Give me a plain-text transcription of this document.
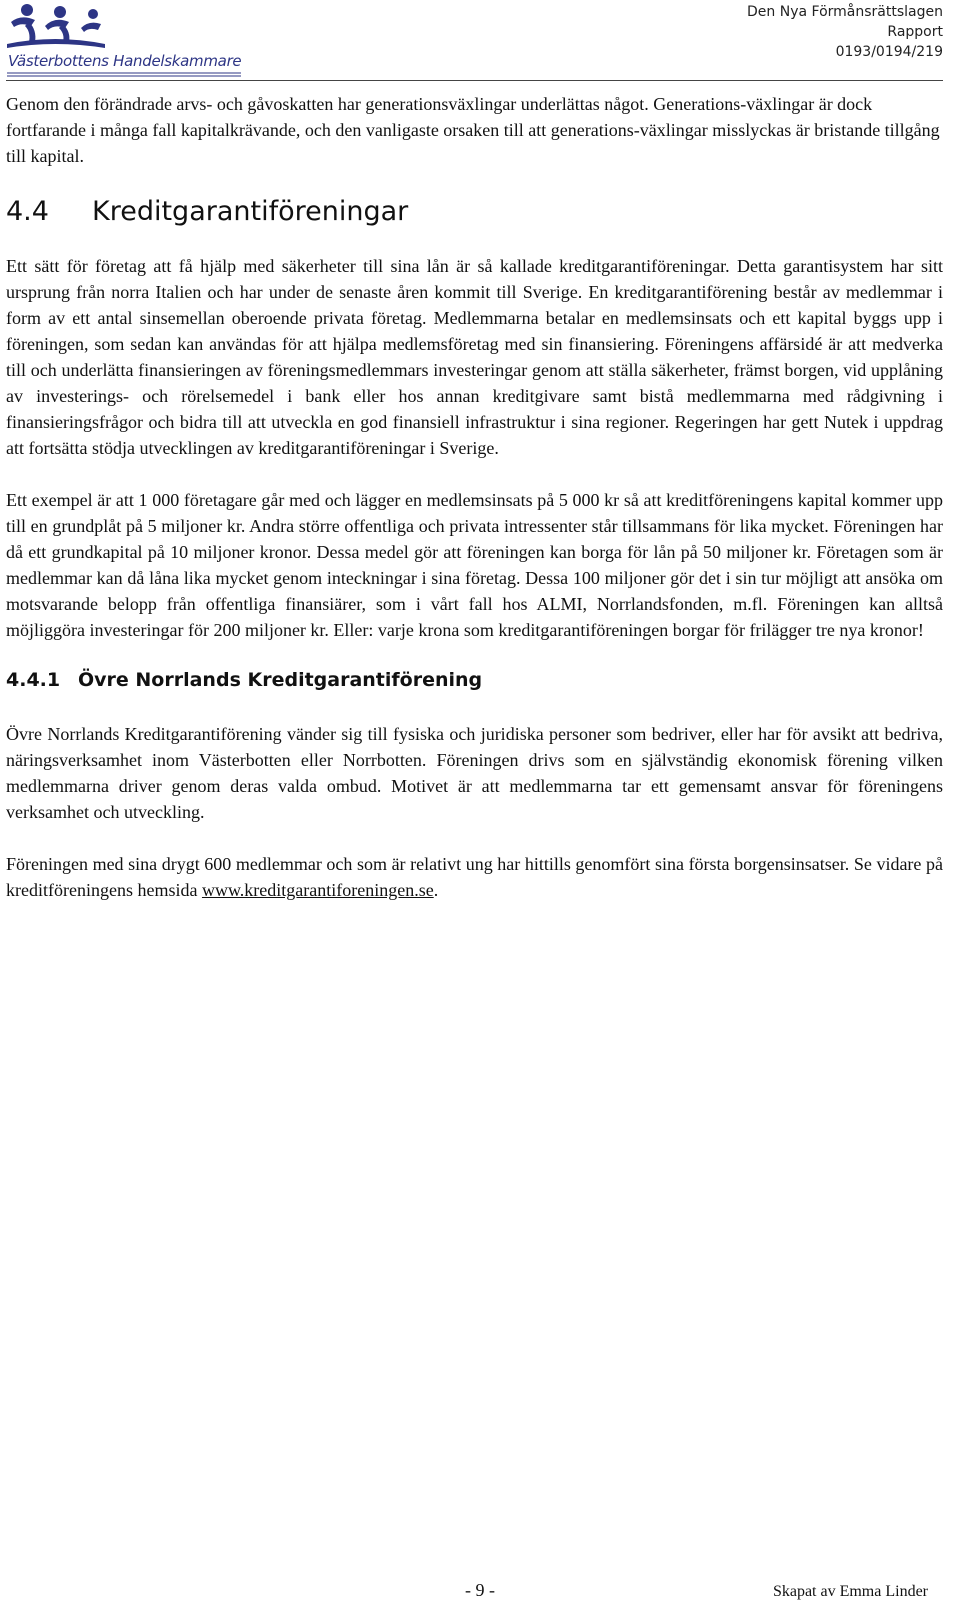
Västerbottens Handelskammare
Den Nya Förmånsrättslagen
Rapport
0193/0194/219

Genom den förändrade arvs- och gåvoskatten har generationsväxlingar underlättas något. Generations-växlingar är dock fortfarande i många fall kapitalkrävande, och den vanligaste orsaken till att generations-växlingar misslyckas är bristande tillgång till kapital.

4.4 Kreditgarantiföreningar

Ett sätt för företag att få hjälp med säkerheter till sina lån är så kallade kreditgarantiföreningar. Detta garantisystem har sitt ursprung från norra Italien och har under de senaste åren kommit till Sverige. En kreditgarantiförening består av medlemmar i form av ett antal sinsemellan oberoende privata företag. Medlemmarna betalar en medlemsinsats och ett kapital byggs upp i föreningen, som sedan kan användas för att hjälpa medlemsföretag med sin finansiering. Föreningens affärsidé är att medverka till och underlätta finansieringen av föreningsmedlemmars investeringar genom att ställa säkerheter, främst borgen, vid upplåning av investerings- och rörelsemedel i bank eller hos annan kreditgivare samt bistå medlemmarna med rådgivning i finansieringsfrågor och bidra till att utveckla en god finansiell infrastruktur i sina regioner. Regeringen har gett Nutek i uppdrag att fortsätta stödja utvecklingen av kreditgarantiföreningar i Sverige.

Ett exempel är att 1 000 företagare går med och lägger en medlemsinsats på 5 000 kr så att kreditföreningens kapital kommer upp till en grundplåt på 5 miljoner kr. Andra större offentliga och privata intressenter står tillsammans för lika mycket. Föreningen har då ett grundkapital på 10 miljoner kronor. Dessa medel gör att föreningen kan borga för lån på 50 miljoner kr. Företagen som är medlemmar kan då låna lika mycket genom inteckningar i sina företag. Dessa 100 miljoner gör det i sin tur möjligt att ansöka om motsvarande belopp från offentliga finansiärer, som i vårt fall hos ALMI, Norrlandsfonden, m.fl. Föreningen kan alltså möjliggöra investeringar för 200 miljoner kr. Eller: varje krona som kreditgarantiföreningen borgar för frilägger tre nya kronor!

4.4.1 Övre Norrlands Kreditgarantiförening

Övre Norrlands Kreditgarantiförening vänder sig till fysiska och juridiska personer som bedriver, eller har för avsikt att bedriva, näringsverksamhet inom Västerbotten eller Norrbotten. Föreningen drivs som en självständig ekonomisk förening vilken medlemmarna driver genom deras valda ombud. Motivet är att medlemmarna tar ett gemensamt ansvar för föreningens verksamhet och utveckling.

Föreningen med sina drygt 600 medlemmar och som är relativt ung har hittills genomfört sina första borgensinsatser. Se vidare på kreditföreningens hemsida www.kreditgarantiforeningen.se.

- 9 -	Skapat av Emma Linder
